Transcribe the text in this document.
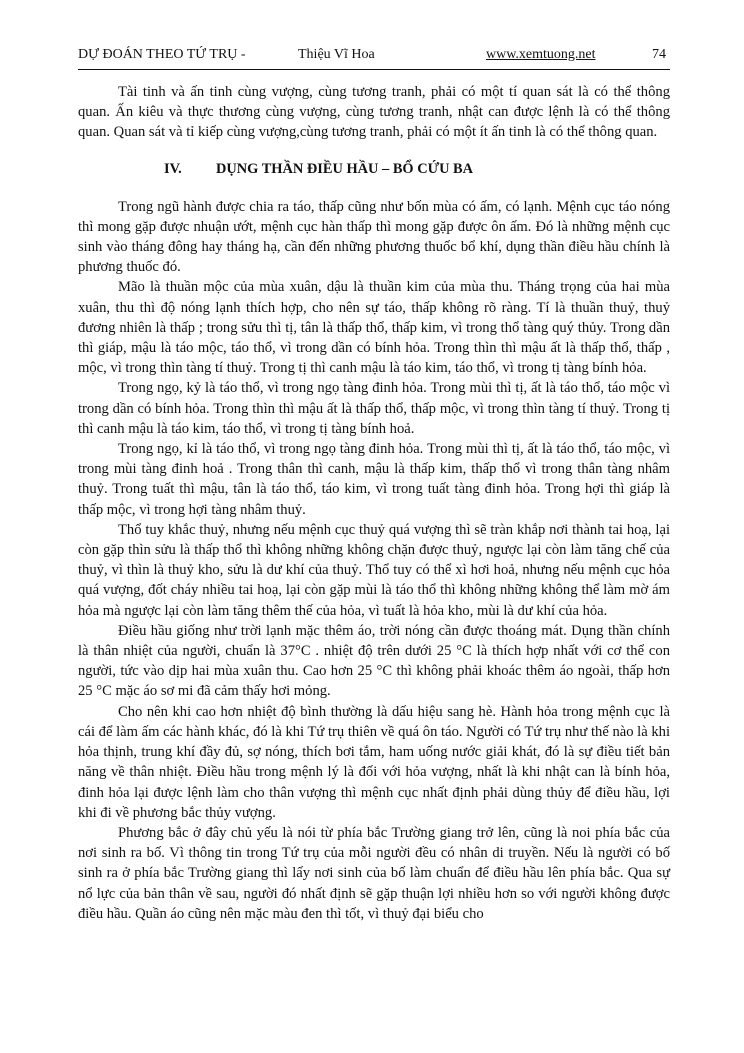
DỰ ĐOÁN THEO TỨ TRỤ -	Thiệu Vĩ Hoa	www.xemtuong.net	74

Tài tinh và ấn tinh cùng vượng, cùng tương tranh, phải có một tí quan sát là có thể thông quan. Ấn kiêu và thực thương cùng vượng, cùng tương tranh, nhật can được lệnh là có thể thông quan. Quan sát và tỉ kiếp cùng vượng,cùng tương tranh, phải có một ít ấn tinh là có thể thông quan.

IV. DỤNG THẦN ĐIỀU HẦU – BỔ CỨU BA

Trong ngũ hành được chia ra táo, thấp cũng như bốn mùa có ấm, có lạnh. Mệnh cục táo nóng thì mong gặp được nhuận ướt, mệnh cục hàn thấp thì mong gặp được ôn ấm. Đó là những mệnh cục sinh vào tháng đông hay tháng hạ, cần đến những phương thuốc bổ khí, dụng thần điều hầu chính là phương thuốc đó.

Mão là thuần mộc của mùa xuân, dậu là thuần kim của mùa thu. Tháng trọng của hai mùa xuân, thu thì độ nóng lạnh thích hợp, cho nên sự táo, thấp không rõ ràng. Tí là thuần thuỷ, thuỷ đương nhiên là thấp ; trong sửu thì tị, tân là thấp thổ, thấp kim, vì trong thổ tàng quý thủy. Trong dần thì giáp, mậu là táo mộc, táo thổ, vì trong dần có bính hỏa. Trong thìn thì mậu ất là thấp thổ, thấp , mộc, vì trong thìn tàng tí thuỷ. Trong tị thì canh mậu là táo kim, táo thổ, vì trong tị tàng bính hỏa.

Trong ngọ, kỷ là táo thổ, vì trong ngọ tàng đinh hỏa. Trong mùi thì tị, ất là táo thổ, táo mộc vì trong dần có bính hỏa. Trong thìn thì mậu ất là thấp thổ, thấp mộc, vì trong thìn tàng tí thuỷ. Trong tị thì canh mậu là táo kim, táo thổ, vì trong tị tàng bính hoả.

Trong ngọ, kỉ là táo thổ, vì trong ngọ tàng đinh hỏa. Trong mùi thì tị, ất là táo thổ, táo mộc, vì trong mùi tàng đinh hoả . Trong thân thì canh, mậu là thấp kim, thấp thổ vì trong thân tàng nhâm thuỷ. Trong tuất thì mậu, tân là táo thổ, táo kim, vì trong tuất tàng đinh hỏa. Trong hợi thì giáp là thấp mộc, vì trong hợi tàng nhâm thuỷ.

Thổ tuy khắc thuỷ, nhưng nếu mệnh cục thuỷ quá vượng thì sẽ tràn khắp nơi thành tai hoạ, lại còn gặp thìn sửu là thấp thổ thì không những không chặn được thuỷ, ngược lại còn làm tăng chế của thuỷ, vì thìn là thuỷ kho, sửu là dư khí của thuỷ. Thổ tuy có thể xì hơi hoả, nhưng nếu mệnh cục hỏa quá vượng, đốt cháy nhiều tai hoạ, lại còn gặp mùi là táo thổ thì không những không thể làm mờ ám hỏa mà ngược lại còn làm tăng thêm thế của hỏa, vì tuất là hỏa kho, mùi là dư khí của hỏa.

Điều hầu giống như trời lạnh mặc thêm áo, trời nóng cần được thoáng mát. Dụng thần chính là thân nhiệt của người, chuẩn là 37°C . nhiệt độ trên dưới 25 °C là thích hợp nhất với cơ thể con người, tức vào dịp hai mùa xuân thu. Cao hơn 25 °C thì không phải khoác thêm áo ngoài, thấp hơn 25 °C mặc áo sơ mi đã cảm thấy hơi mỏng.

Cho nên khi cao hơn nhiệt độ bình thường là dấu hiệu sang hè. Hành hỏa trong mệnh cục là cái để làm ấm các hành khác, đó là khi Tứ trụ thiên về quá ôn táo. Người có Tứ trụ như thế nào là khi hỏa thịnh, trung khí đầy đủ, sợ nóng, thích bơi tắm, ham uống nước giải khát, đó là sự điều tiết bản năng về thân nhiệt. Điều hầu trong mệnh lý là đối với hỏa vượng, nhất là khi nhật can là bính hỏa, đinh hỏa lại được lệnh làm cho thân vượng thì mệnh cục nhất định phải dùng thủy để điều hầu, lợi khi đi về phương bắc thủy vượng.

Phương bắc ở đây chủ yếu là nói từ phía bắc Trường giang trở lên, cũng là noi phía bắc của nơi sinh ra bố. Vì thông tin trong Tứ trụ của mỗi người đều có nhân di truyền. Nếu là người có bố sinh ra ở phía bắc Trường giang thì lấy nơi sinh của bố làm chuẩn để điều hầu lên phía bắc. Qua sự nổ lực của bản thân về sau, người đó nhất định sẽ gặp thuận lợi nhiều hơn so với người không được điều hầu. Quần áo cũng nên mặc màu đen thì tốt, vì thuỷ đại biểu cho
